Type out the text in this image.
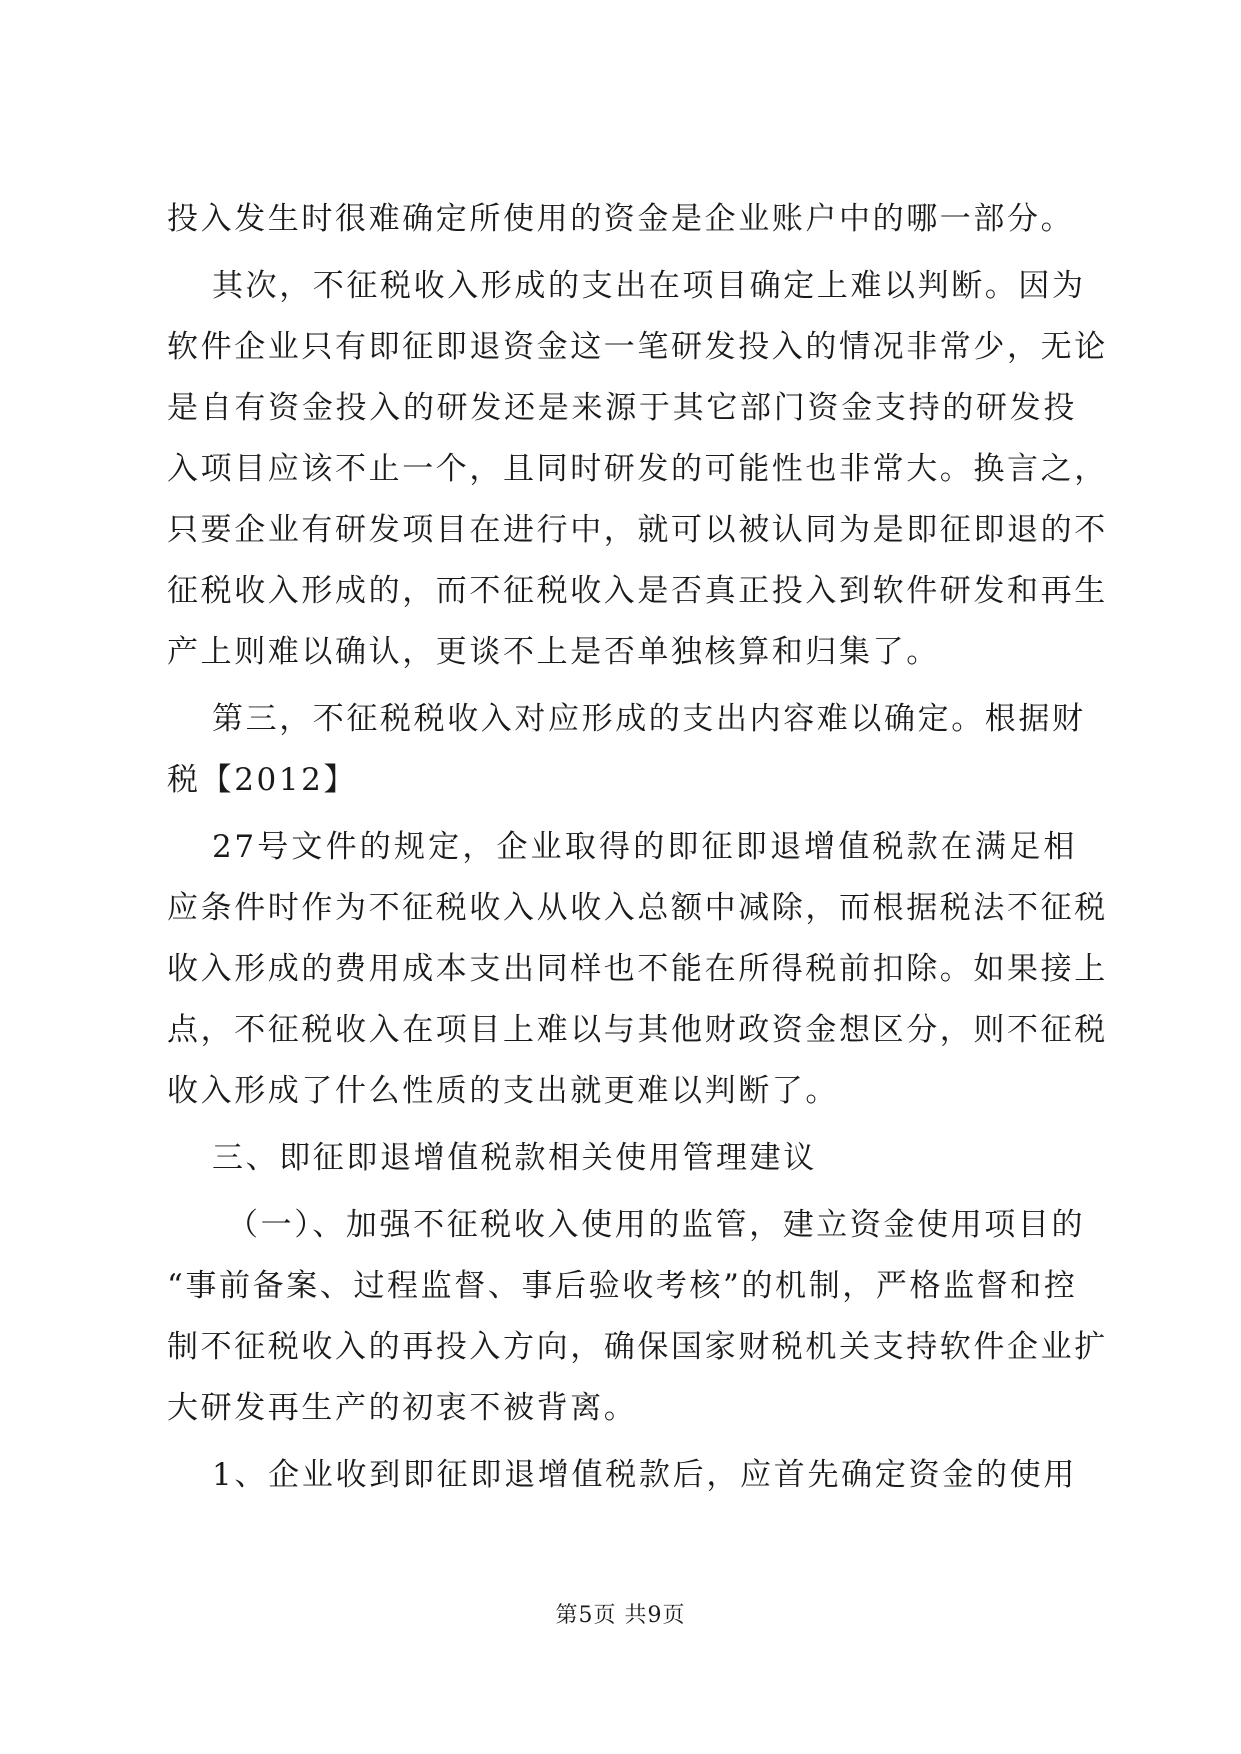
投入发生时很难确定所使用的资金是企业账户中的哪一部分。
其次，不征税收入形成的支出在项目确定上难以判断。因为
软件企业只有即征即退资金这一笔研发投入的情况非常少，无论
是自有资金投入的研发还是来源于其它部门资金支持的研发投
入项目应该不止一个，且同时研发的可能性也非常大。换言之，
只要企业有研发项目在进行中，就可以被认同为是即征即退的不
征税收入形成的，而不征税收入是否真正投入到软件研发和再生
产上则难以确认，更谈不上是否单独核算和归集了。
第三，不征税税收入对应形成的支出内容难以确定。根据财
税【2012】
27号文件的规定，企业取得的即征即退增值税款在满足相
应条件时作为不征税收入从收入总额中减除，而根据税法不征税
收入形成的费用成本支出同样也不能在所得税前扣除。如果接上
点，不征税收入在项目上难以与其他财政资金想区分，则不征税
收入形成了什么性质的支出就更难以判断了。
三、即征即退增值税款相关使用管理建议
（一）、加强不征税收入使用的监管，建立资金使用项目的
“事前备案、过程监督、事后验收考核”的机制，严格监督和控
制不征税收入的再投入方向，确保国家财税机关支持软件企业扩
大研发再生产的初衷不被背离。
1、企业收到即征即退增值税款后，应首先确定资金的使用
第5页 共9页
